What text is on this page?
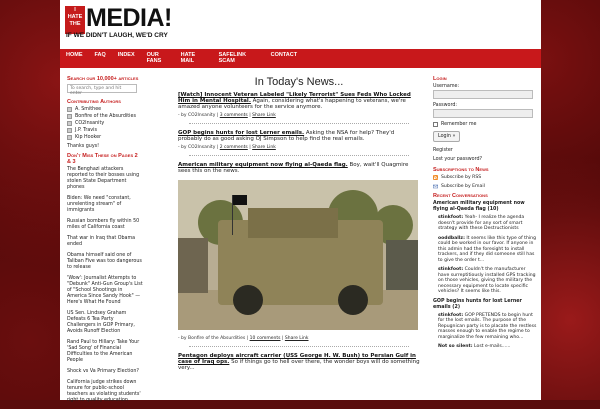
I
HATE
THE MEDIA!
IF WE DIDN'T LAUGH, WE'D CRY
HOME	FAQ	INDEX	OUR FANS
HATE MAIL
SAFELINK SCAM
CONTACT
Search our 10,000+ articles
To search, type and hit enter
Contributing Authors
A. Smithee
Bonfire of the Absurdities
CO2Insanity
J.P. Travis
Kip Hooker
Thanks guys!
Don't Miss These on Pages 2 & 3
The Benghazi attackers reported to their bosses using stolen State Department phones
Biden: We need "constant, unrelenting stream" of immigrants
Russian bombers fly within 50 miles of California coast
That war in Iraq that Obama ended
Obama himself said one of Taliban Five was too dangerous to release
'Wow': Journalist Attempts to "Debunk" Anti-Gun Group's List of "School Shootings in America Since Sandy Hook" — Here's What He Found
US Sen. Lindsey Graham Defeats 6 Tea Party Challengers in GOP Primary, Avoids Runoff Election
Rand Paul to Hillary: Take Your 'Sad Song' of Financial Difficulties to the American People
Shock vs Va Primary Election?
California judge strikes down tenure for public-school teachers as violating students' right to quality education
In Today's News...
[Watch] Innocent Veteran Labeled "Likely Terrorist" Sues Feds Who Locked Him in Mental Hospital. Again, considering what's happening to veterans, we're amazed anyone volunteers for the service anymore.
- by CO2Insanity | 3 comments | Share Link
GOP begins hunts for lost Lerner emails. Asking the NSA for help? They'd probably do as good asking OJ Simpson to help find the real emails.
- by CO2Insanity | 2 comments | Share Link
American military equipment now flying al-Qaeda flag. Boy, wait'll Quagmire sees this on the news.
- by Bonfire of the Absurdities | 10 comments | Share Link
Pentagon deploys aircraft carrier (USS George H. W. Bush) to Persian Gulf in case of Iraq ops. So if things go to hell over there, the wonder boys will do something very...
Login
Username:
Password:
Remember me
Login »
Register
Lost your password?
Subscriptions to News
Subscribe by RSS
Subscribe by Email
Recent Conversations
American military equipment now flying al-Qaeda flag (10)
stinkfoot: Yeah- I realize the agenda doesn't provide for any sort of smart strategy with these Destructionists
ooddballz: It seems like this type of thing could be worked in our favor. If anyone in this admin had the foresight to install trackers, and if they did someone still has to give the order t...
stinkfoot: Couldn't the manufacturer have surreptitiously installed GPS tracking on those vehicles, giving the military the necessary equipment to locate specific vehicles? It seems like this.
GOP begins hunts for lost Lerner emails (2)
stinkfoot: GOP PRETENDS to begin hunt for the lost emails. The purpose of the Repugnican party is to placate the restless masses enough to enable the regime to marginalize the few remaining who...
Not so silent: Lost e-mails......
